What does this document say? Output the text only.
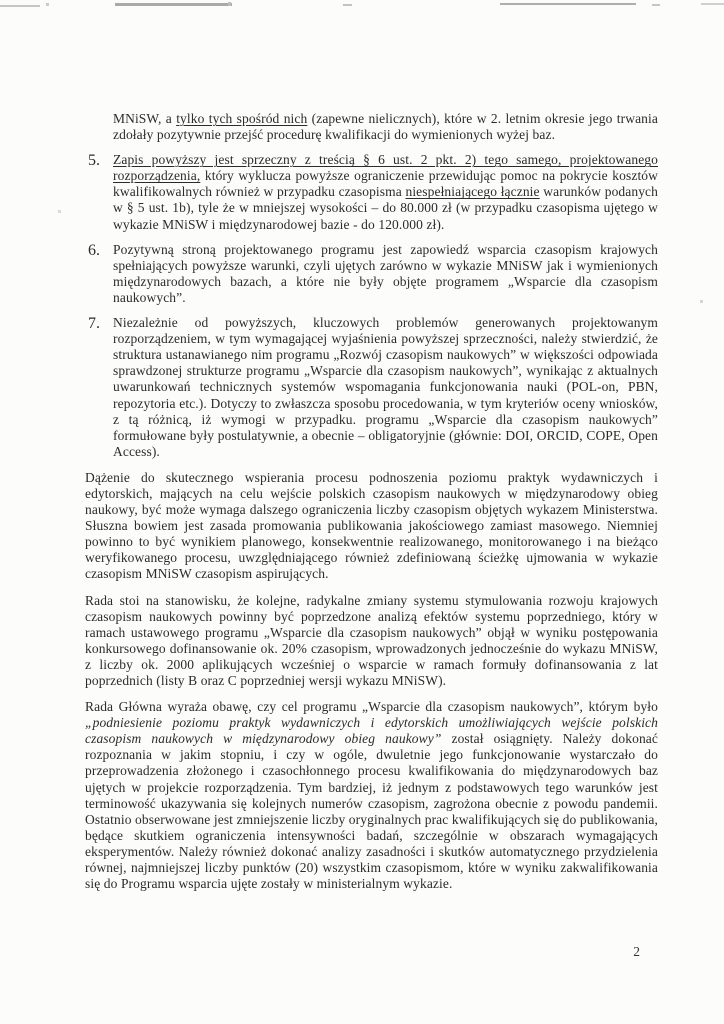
MNiSW, a tylko tych spośród nich (zapewne nielicznych), które w 2. letnim okresie jego trwania zdołały pozytywnie przejść procedurę kwalifikacji do wymienionych wyżej baz.

5. Zapis powyższy jest sprzeczny z treścią § 6 ust. 2 pkt. 2) tego samego, projektowanego rozporządzenia, który wyklucza powyższe ograniczenie przewidując pomoc na pokrycie kosztów kwalifikowalnych również w przypadku czasopisma niespełniającego łącznie warunków podanych w § 5 ust. 1b), tyle że w mniejszej wysokości – do 80.000 zł (w przypadku czasopisma ujętego w wykazie MNiSW i międzynarodowej bazie - do 120.000 zł).

6. Pozytywną stroną projektowanego programu jest zapowiedź wsparcia czasopism krajowych spełniających powyższe warunki, czyli ujętych zarówno w wykazie MNiSW jak i wymienionych międzynarodowych bazach, a które nie były objęte programem „Wsparcie dla czasopism naukowych”.

7. Niezależnie od powyższych, kluczowych problemów generowanych projektowanym rozporządzeniem, w tym wymagającej wyjaśnienia powyższej sprzeczności, należy stwierdzić, że struktura ustanawianego nim programu „Rozwój czasopism naukowych” w większości odpowiada sprawdzonej strukturze programu „Wsparcie dla czasopism naukowych”, wynikając z aktualnych uwarunkowań technicznych systemów wspomagania funkcjonowania nauki (POL-on, PBN, repozytoria etc.). Dotyczy to zwłaszcza sposobu procedowania, w tym kryteriów oceny wniosków, z tą różnicą, iż wymogi w przypadku. programu „Wsparcie dla czasopism naukowych” formułowane były postulatywnie, a obecnie – obligatoryjnie (głównie: DOI, ORCID, COPE, Open Access).

Dążenie do skutecznego wspierania procesu podnoszenia poziomu praktyk wydawniczych i edytorskich, mających na celu wejście polskich czasopism naukowych w międzynarodowy obieg naukowy, być może wymaga dalszego ograniczenia liczby czasopism objętych wykazem Ministerstwa. Słuszna bowiem jest zasada promowania publikowania jakościowego zamiast masowego. Niemniej powinno to być wynikiem planowego, konsekwentnie realizowanego, monitorowanego i na bieżąco weryfikowanego procesu, uwzględniającego również zdefiniowaną ścieżkę ujmowania w wykazie czasopism MNiSW czasopism aspirujących.

Rada stoi na stanowisku, że kolejne, radykalne zmiany systemu stymulowania rozwoju krajowych czasopism naukowych powinny być poprzedzone analizą efektów systemu poprzedniego, który w ramach ustawowego programu „Wsparcie dla czasopism naukowych” objął w wyniku postępowania konkursowego dofinansowanie ok. 20% czasopism, wprowadzonych jednocześnie do wykazu MNiSW, z liczby ok. 2000 aplikujących wcześniej o wsparcie w ramach formuły dofinansowania z lat poprzednich (listy B oraz C poprzedniej wersji wykazu MNiSW).

Rada Główna wyraża obawę, czy cel programu „Wsparcie dla czasopism naukowych”, którym było „podniesienie poziomu praktyk wydawniczych i edytorskich umożliwiających wejście polskich czasopism naukowych w międzynarodowy obieg naukowy” został osiągnięty. Należy dokonać rozpoznania w jakim stopniu, i czy w ogóle, dwuletnie jego funkcjonowanie wystarczało do przeprowadzenia złożonego i czasochłonnego procesu kwalifikowania do międzynarodowych baz ujętych w projekcie rozporządzenia. Tym bardziej, iż jednym z podstawowych tego warunków jest terminowość ukazywania się kolejnych numerów czasopism, zagrożona obecnie z powodu pandemii. Ostatnio obserwowane jest zmniejszenie liczby oryginalnych prac kwalifikujących się do publikowania, będące skutkiem ograniczenia intensywności badań, szczególnie w obszarach wymagających eksperymentów. Należy również dokonać analizy zasadności i skutków automatycznego przydzielenia równej, najmniejszej liczby punktów (20) wszystkim czasopismom, które w wyniku zakwalifikowania się do Programu wsparcia ujęte zostały w ministerialnym wykazie.

2
